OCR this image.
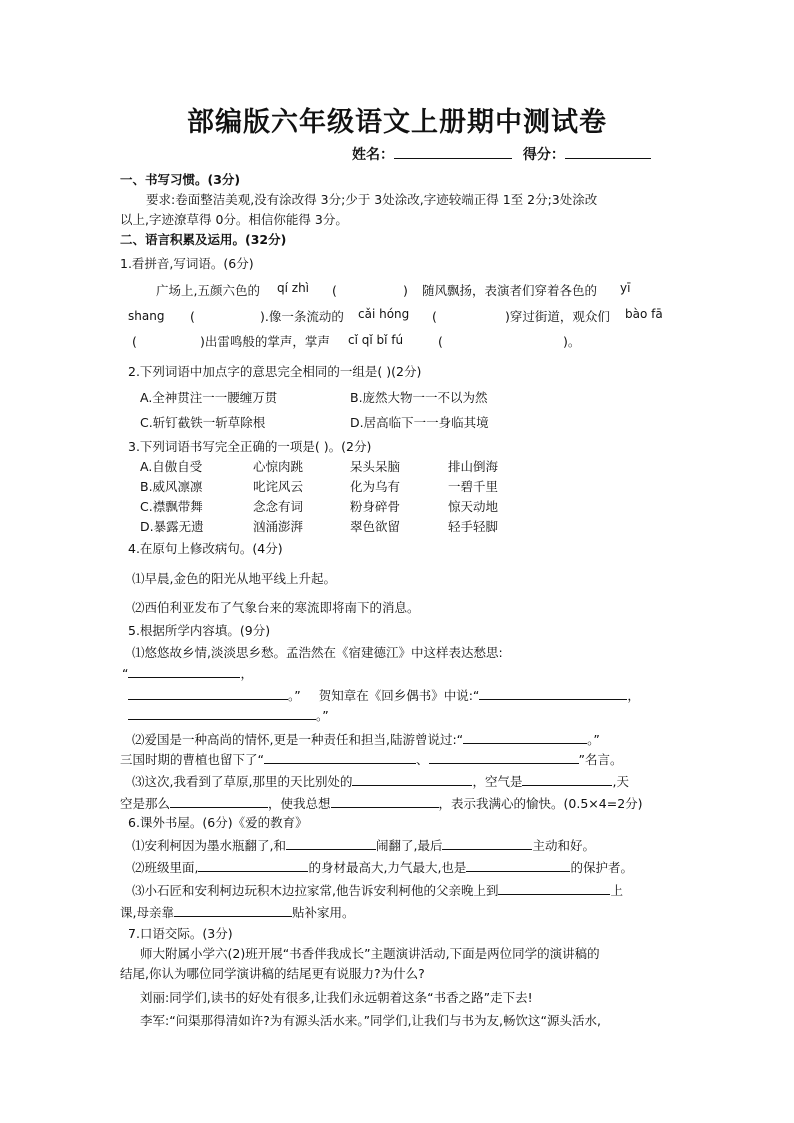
部编版六年级语文上册期中测试卷
姓名：	得分：
一、书写习惯。(3分)
要求:卷面整洁美观,没有涂改得 3分;少于 3处涂改,字迹较端正得 1至 2分;3处涂改
以上,字迹潦草得 0分。相信你能得 3分。
二、语言积累及运用。(32分)
1.看拼音,写词语。(6分)
广场上,五颜六色的 qí zhì (	) 随风飘扬，表演者们穿着各色的 yī
shang (	).像一条流动的 cǎi hóng (	)穿过街道，观众们 bào fā
(	)出雷鸣般的掌声，掌声 cǐ qǐ bǐ fú	(	)。
2.下列词语中加点字的意思完全相同的一组是( )(2分)
A.全神贯注一一腰缠万贯	B.庞然大物一一不以为然
C.斩钉截铁一斩草除根	D.居高临下一一身临其境
3.下列词语书写完全正确的一项是( )。(2分)
A.自傲自受	心惊肉跳	呆头呆脑	排山倒海
B.威风凛凛	叱诧风云	化为乌有	一碧千里
C.襟飘带舞	念念有词	粉身碎骨	惊天动地
D.暴露无遗	汹涌澎湃	翠色欲留	轻手轻脚
4.在原句上修改病句。(4分)
⑴早晨,金色的阳光从地平线上升起。
⑵西伯利亚发布了气象台来的寒流即将南下的消息。
5.根据所学内容填。(9分)
⑴悠悠故乡情,淡淡思乡愁。孟浩然在《宿建德江》中这样表达愁思:
“	，
。” 贺知章在《回乡偶书》中说:“	，
。”
⑵爱国是一种高尚的情怀,更是一种责任和担当,陆游曾说过:“	。”
三国时期的曹植也留下了“	、	”名言。
⑶这次,我看到了草原,那里的天比别处的	，空气是	,天
空是那么	，使我总想	，表示我满心的愉快。(0.5×4=2分)
6.课外书屋。(6分)《爱的教育》
⑴安利柯因为墨水瓶翻了,和	闹翻了,最后	主动和好。
⑵班级里面,	的身材最高大,力气最大,也是	的保护者。
⑶小石匠和安利柯边玩积木边拉家常,他告诉安利柯他的父亲晚上到	上
课,母亲靠	贴补家用。
7.口语交际。(3分)
师大附属小学六(2)班开展“书香伴我成长”主题演讲活动,下面是两位同学的演讲稿的
结尾,你认为哪位同学演讲稿的结尾更有说服力?为什么?
刘丽:同学们,读书的好处有很多,让我们永远朝着这条“书香之路”走下去!
李军:“问渠那得清如许?为有源头活水来。”同学们,让我们与书为友,畅饮这“源头活水,
